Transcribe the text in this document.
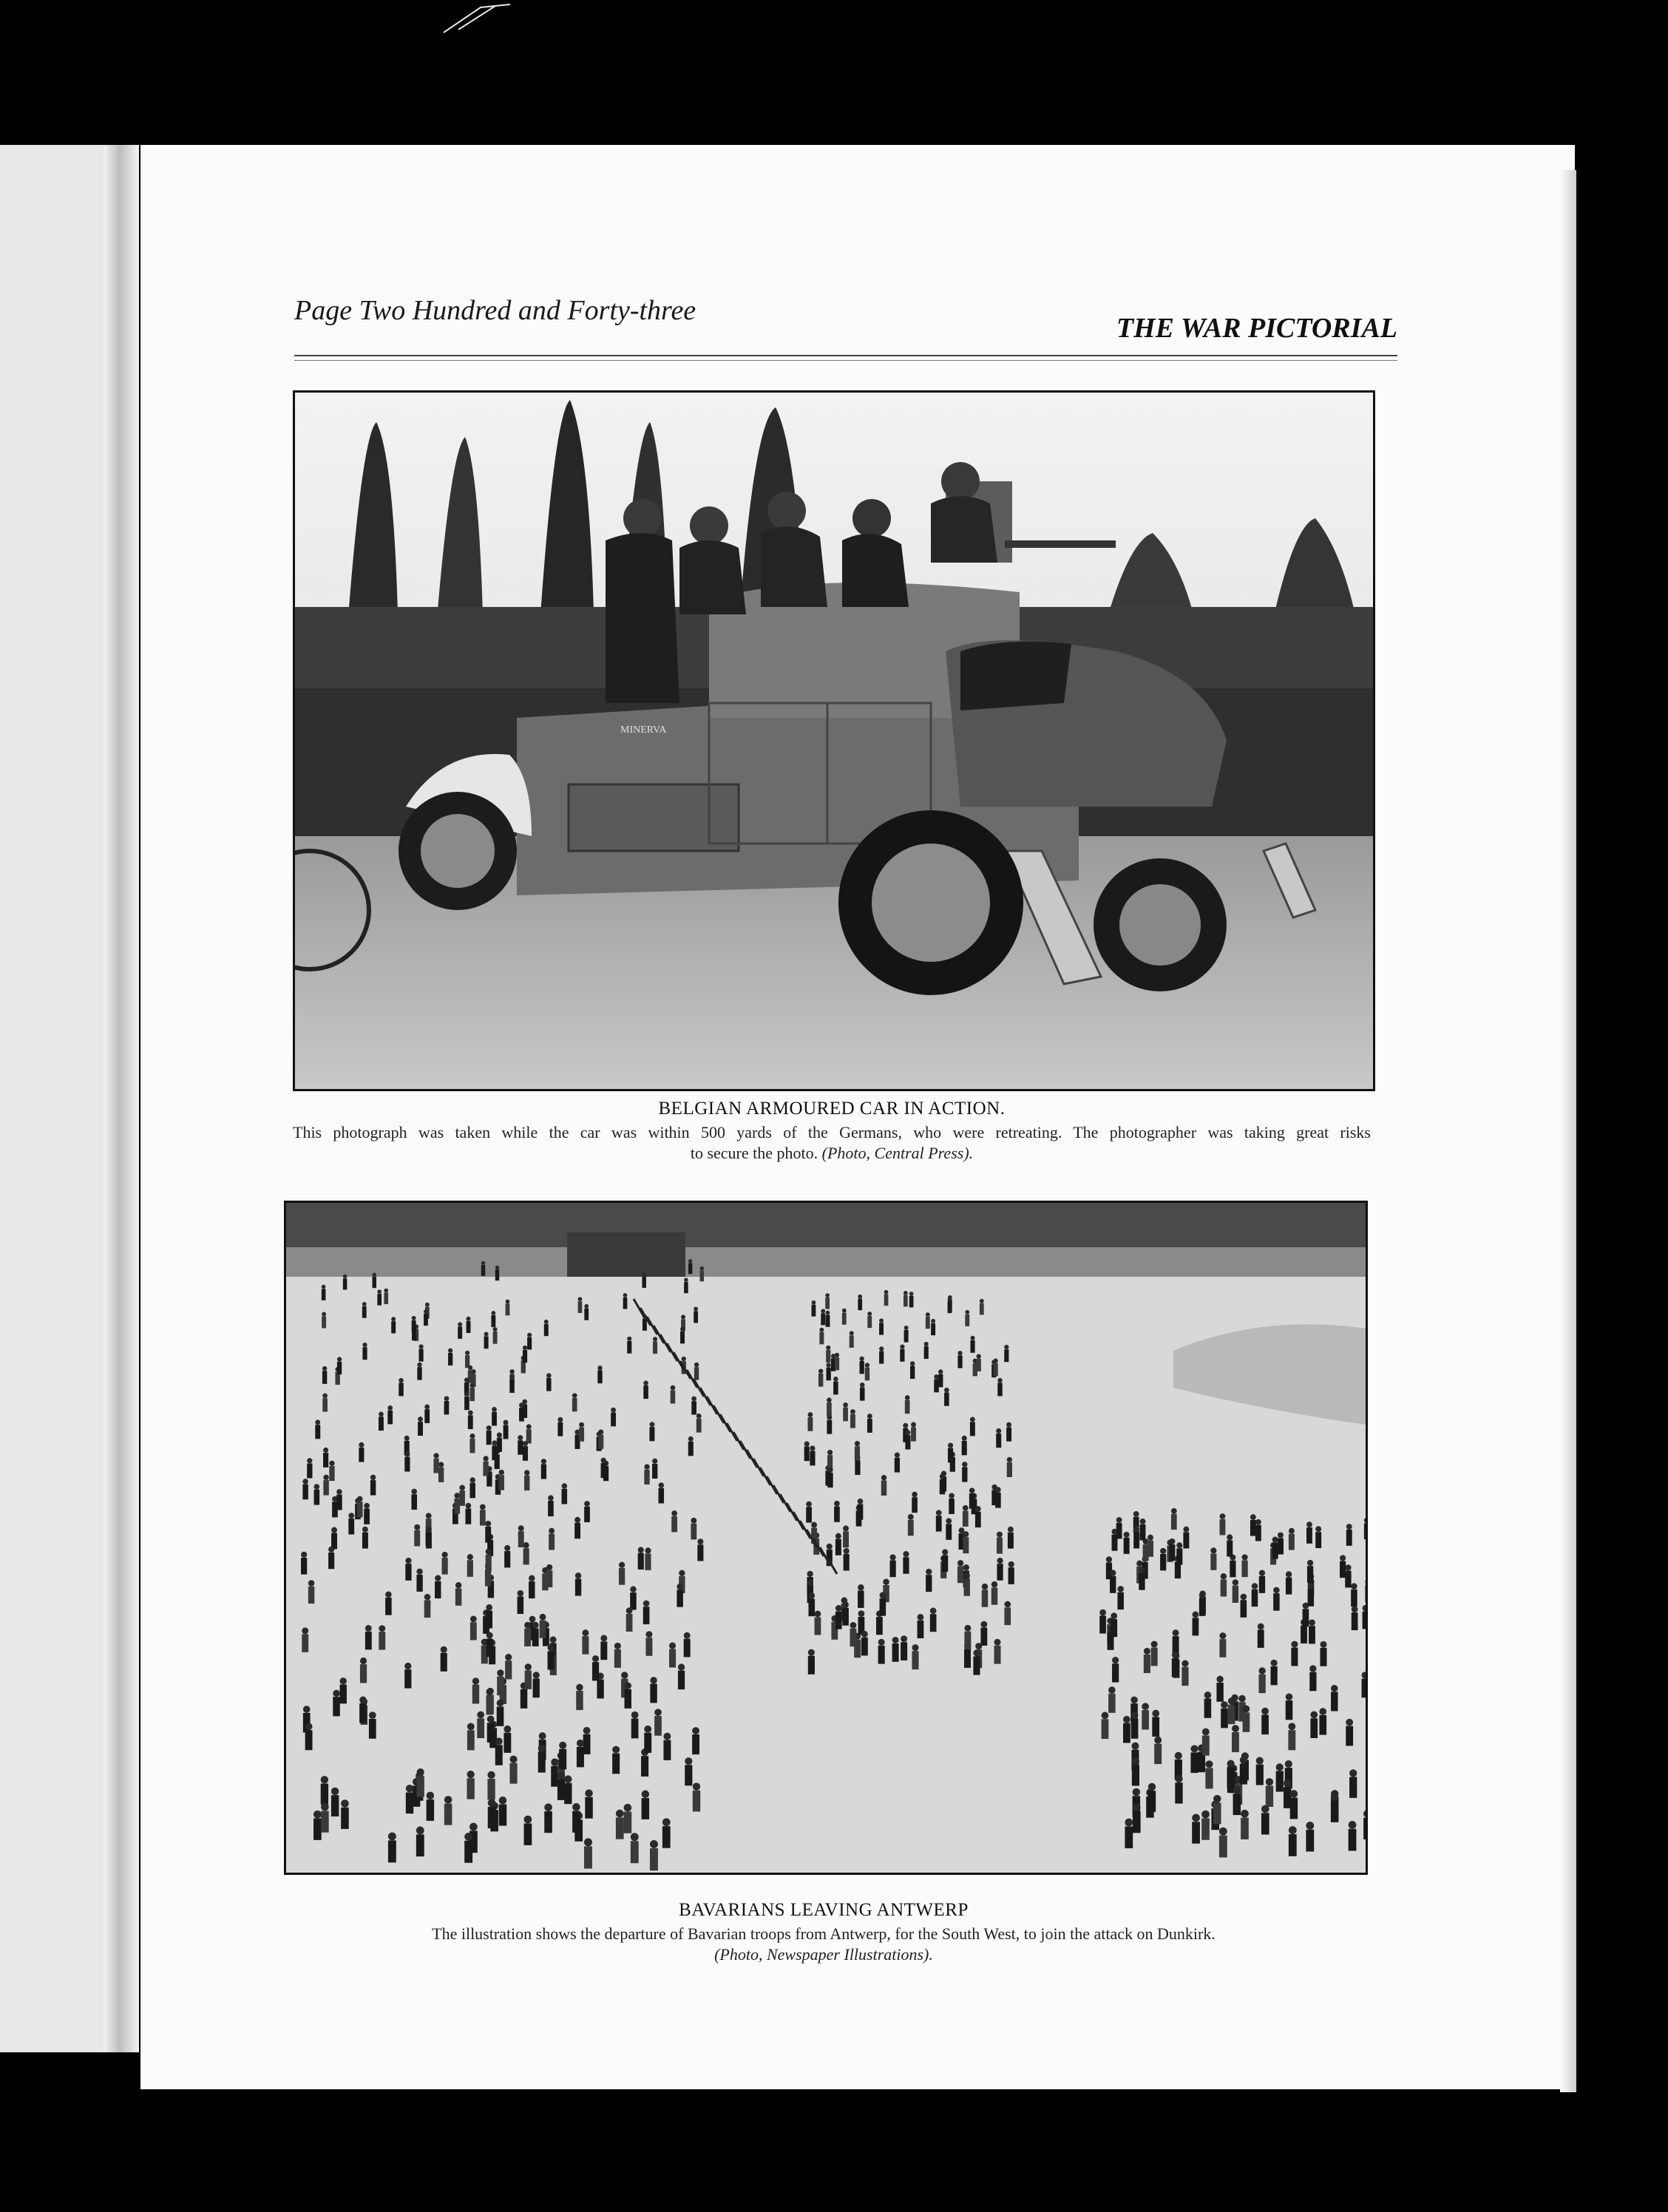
Page Two Hundred and Forty-three
THE WAR PICTORIAL
MINERVA
BELGIAN ARMOURED CAR IN ACTION.
This photograph was taken while the car was within 500 yards of the Germans, who were retreating. The photographer was taking great risks
to secure the photo. (Photo, Central Press).
BAVARIANS LEAVING ANTWERP
The illustration shows the departure of Bavarian troops from Antwerp, for the South West, to join the attack on Dunkirk.
(Photo, Newspaper Illustrations).
